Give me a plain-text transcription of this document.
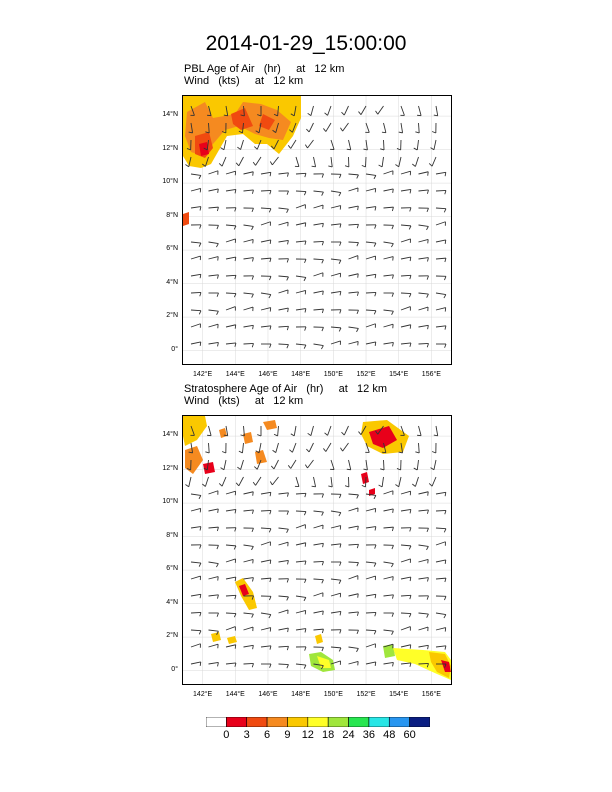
2014-01-29_15:00:00
PBL Age of Air   (hr)     at   12 km
Wind   (kts)     at   12 km
Stratosphere Age of Air   (hr)     at   12 km
Wind   (kts)     at   12 km
0°
2°N
4°N
6°N
8°N
10°N
12°N
14°N
142°E	144°E	146°E	148°E	150°E	152°E	154°E	156°E
0°
2°N
4°N
6°N
8°N
10°N
12°N
14°N
142°E	144°E	146°E	148°E	150°E	152°E	154°E	156°E
0	3	6	9	12 18 24 36 48 60
